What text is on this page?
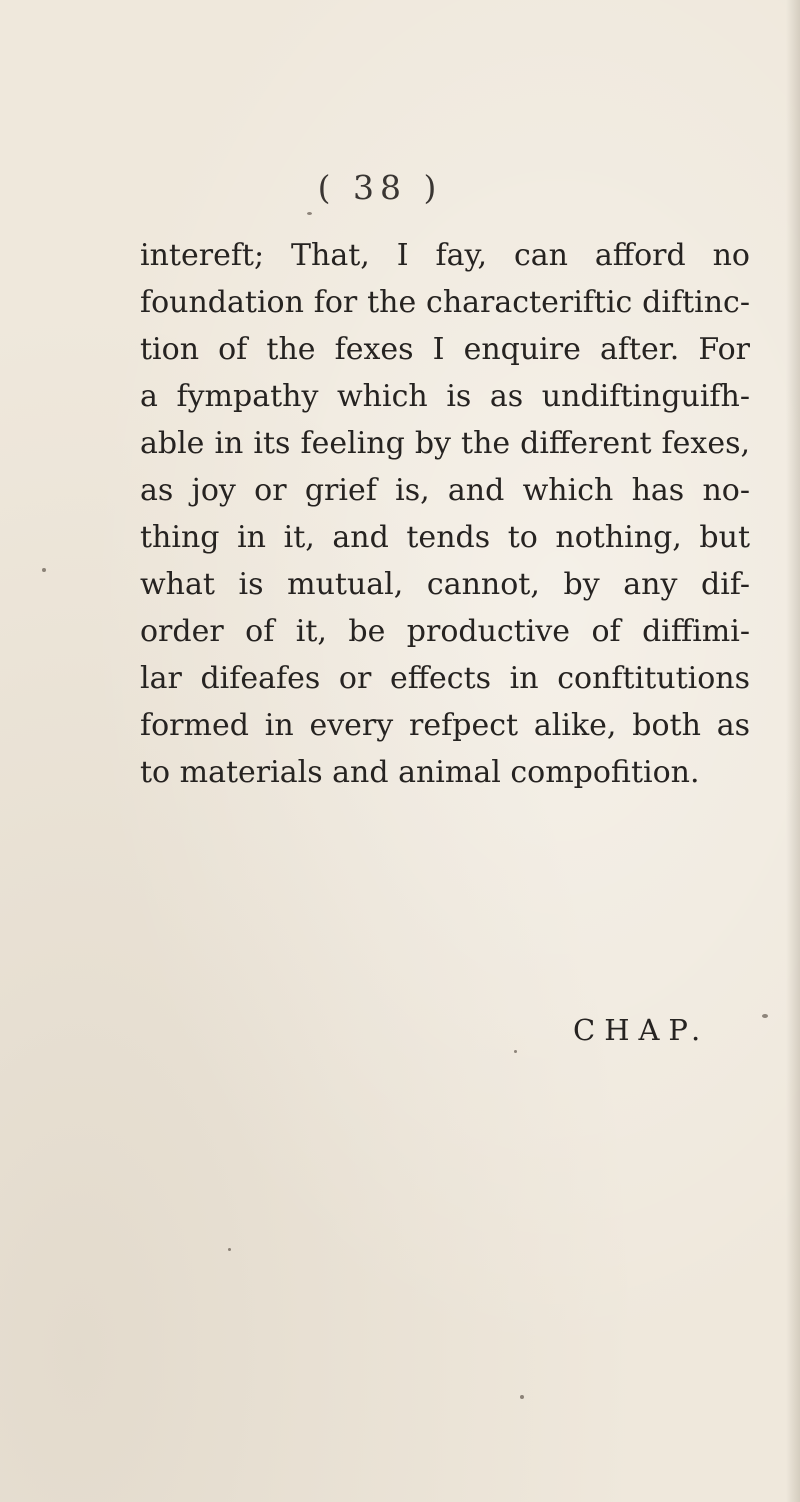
( 38 )
intereft; That, I fay, can afford no
foundation for the characteriftic diftinc-
tion of the fexes I enquire after. For
a fympathy which is as undiftinguifh-
able in its feeling by the different fexes,
as joy or grief is, and which has no-
thing in it, and tends to nothing, but
what is mutual, cannot, by any dif-
order of it, be productive of diffimi-
lar difeafes or effects in conftitutions
formed in every refpect alike, both as
to materials and animal compofition.
CHAP.
